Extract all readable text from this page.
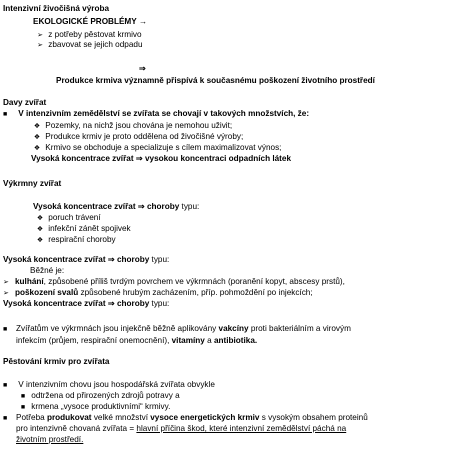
Intenzivní živočišná výroba
EKOLOGICKÉ PROBLÉMY →
➢ z potřeby pěstovat krmivo
➢ zbavovat se jejich odpadu
⇒
Produkce krmiva významně přispívá k současnému poškození životního prostředí
Davy zvířat
■ V intenzivním zemědělství se zvířata se chovají v takových množstvích, že:
❖ Pozemky, na nichž jsou chována je nemohou uživit;
❖ Produkce krmiv je proto oddělena od živočišné výroby;
❖ Krmivo se obchoduje a specializuje s cílem maximalizovat výnos;
Vysoká koncentrace zvířat ⇒ vysokou koncentraci odpadních látek
Výkrmny zvířat
Vysoká koncentrace zvířat ⇒ choroby typu:
❖ poruch trávení
❖ infekční zánět spojivek
❖ respirační choroby
Vysoká koncentrace zvířat ⇒ choroby typu:
Běžné je:
➢ kulhání, způsobené příliš tvrdým povrchem ve výkrmnách (poranění kopyt, abscesy prstů),
➢ poškození svalů způsobené hrubým zacházením, příp. pohmoždění po injekcích;
Vysoká koncentrace zvířat ⇒ choroby typu:
■ Zvířatům ve výkrmnách jsou injekčně běžně aplikovány vakcíny proti bakteriálním a virovým
infekcím (průjem, respirační onemocnění), vitamíny a antibiotika.
Pěstování krmiv pro zvířata
■ V intenzivním chovu jsou hospodářská zvířata obvykle
■ odtržena od přirozených zdrojů potravy a
■ krmena „vysoce produktivními“ krmivy.
■ Potřeba produkovat velké množství vysoce energetických krmiv s vysokým obsahem proteinů
pro intenzivně chovaná zvířata = hlavní příčina škod, které intenzivní zemědělství páchá na
životním prostředí.
